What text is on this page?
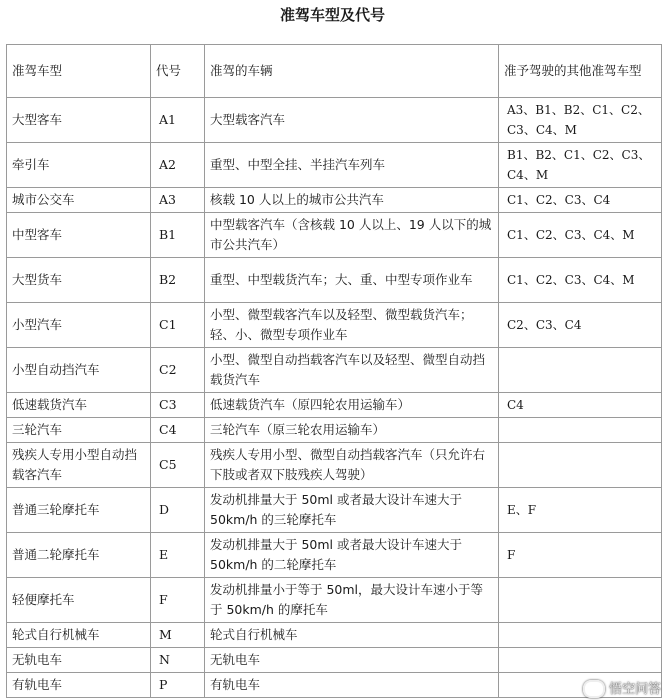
准驾车型及代号
准驾车型	代号	准驾的车辆	准予驾驶的其他准驾车型
大型客车	A1	大型载客汽车	A3、B1、B2、C1、C2、C3、C4、M
牵引车	A2	重型、中型全挂、半挂汽车列车	B1、B2、C1、C2、C3、C4、M
城市公交车	A3	核载 10 人以上的城市公共汽车	C1、C2、C3、C4
中型客车	B1	中型载客汽车（含核载 10 人以上、19 人以下的城市公共汽车）	C1、C2、C3、C4、M
大型货车	B2	重型、中型载货汽车；大、重、中型专项作业车	C1、C2、C3、C4、M
小型汽车	C1	小型、微型载客汽车以及轻型、微型载货汽车；轻、小、微型专项作业车	C2、C3、C4
小型自动挡汽车	C2	小型、微型自动挡载客汽车以及轻型、微型自动挡载货汽车	
低速载货汽车	C3	低速载货汽车（原四轮农用运输车）	C4
三轮汽车	C4	三轮汽车（原三轮农用运输车）	
残疾人专用小型自动挡载客汽车	C5	残疾人专用小型、微型自动挡载客汽车（只允许右下肢或者双下肢残疾人驾驶）	
普通三轮摩托车	D	发动机排量大于 50ml 或者最大设计车速大于 50km/h 的三轮摩托车	E、F
普通二轮摩托车	E	发动机排量大于 50ml 或者最大设计车速大于 50km/h 的二轮摩托车	F
轻便摩托车	F	发动机排量小于等于 50ml，最大设计车速小于等于 50km/h 的摩托车	
轮式自行机械车	M	轮式自行机械车	
无轨电车	N	无轨电车	
有轨电车	P	有轨电车		悟空问答
